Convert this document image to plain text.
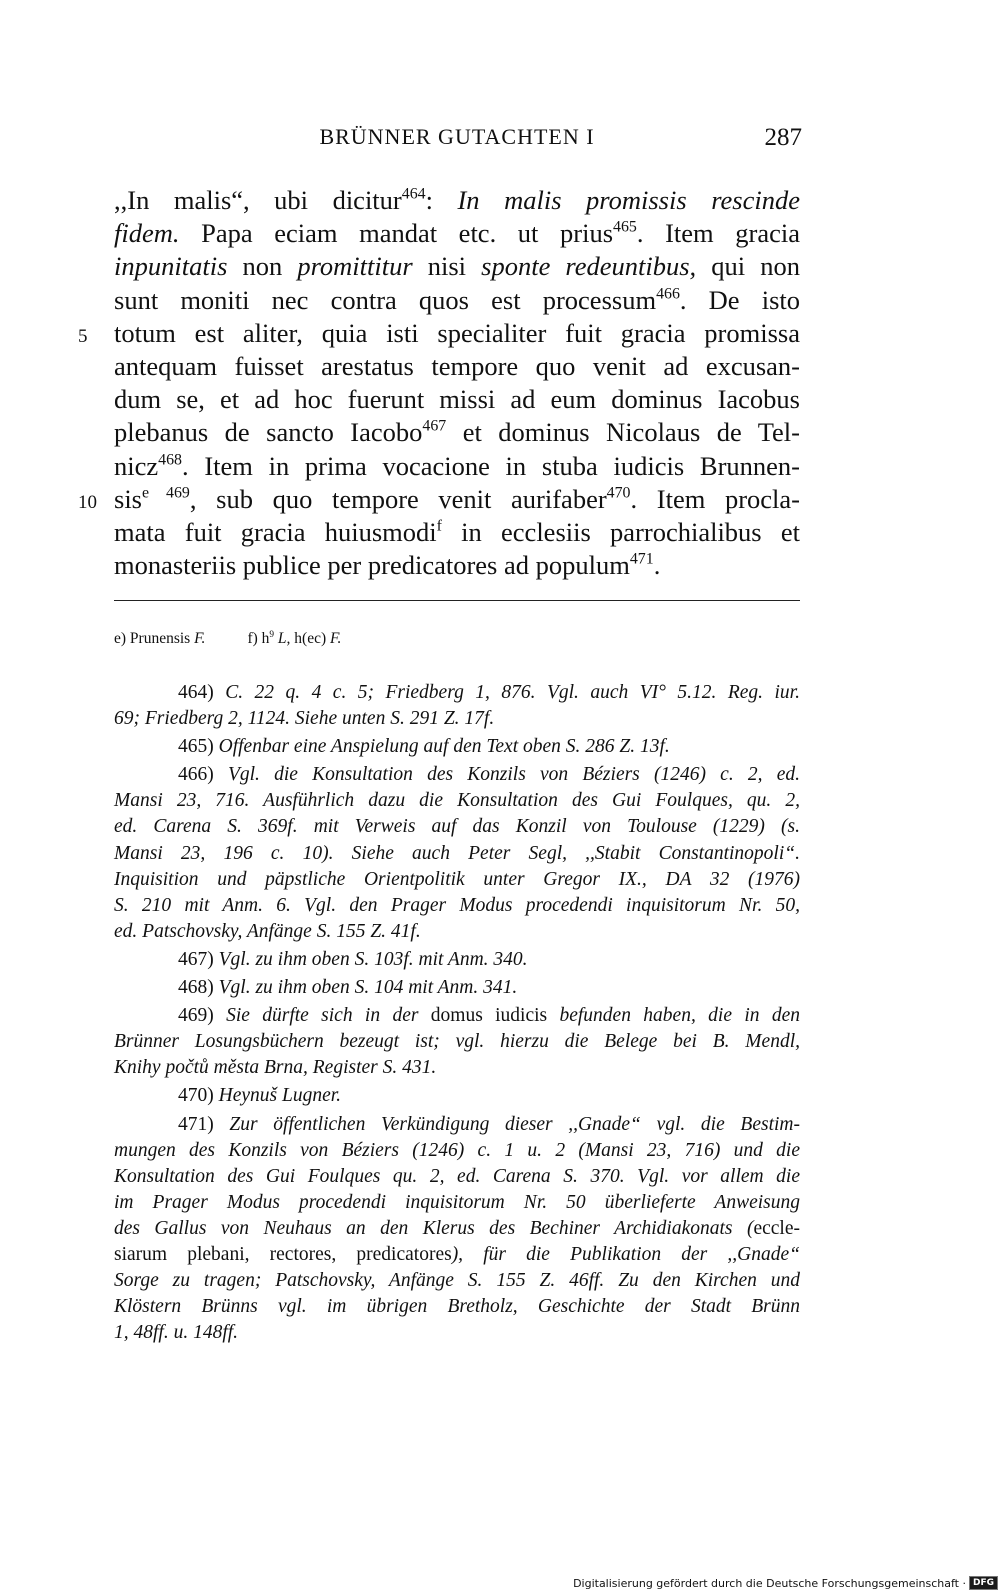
BRÜNNER GUTACHTEN I	287
,,In malis“, ubi dicitur$^{464}$: In malis promissis rescinde
fidem. Papa eciam mandat etc. ut prius$^{465}$. Item gracia
inpunitatis non promittitur nisi sponte redeuntibus, qui non
sunt moniti nec contra quos est processum$^{466}$. De isto
5	totum est aliter, quia isti specialiter fuit gracia promissa
antequam fuisset arestatus tempore quo venit ad excusan-
dum se, et ad hoc fuerunt missi ad eum dominus Iacobus
plebanus de sancto Iacobo$^{467}$ et dominus Nicolaus de Tel-
nicz$^{468}$. Item in prima vocacione in stuba iudicis Brunnen-
10 sis$^{e 469}$, sub quo tempore venit aurifaber$^{470}$. Item procla-
mata fuit gracia huiusmodi$^f$ in ecclesiis parrochialibus et
monasteriis publice per predicatores ad populum$^{471}$.
e) Prunensis F.	f) $h^9$ L, h(ec) F.
464) C. 22 q. 4 c. 5; Friedberg 1, 876. Vgl. auch VI° 5.12. Reg. iur.
69; Friedberg 2, 1124. Siehe unten S. 291 Z. 17f.
465) Offenbar eine Anspielung auf den Text oben S. 286 Z. 13f.
466) Vgl. die Konsultation des Konzils von Béziers (1246) c. 2, ed.
Mansi 23, 716. Ausführlich dazu die Konsultation des Gui Foulques, qu. 2,
ed. Carena S. 369f. mit Verweis auf das Konzil von Toulouse (1229) (s.
Mansi 23, 196 c. 10). Siehe auch Peter Segl, ,,Stabit Constantinopoli“.
Inquisition und päpstliche Orientpolitik unter Gregor IX., DA 32 (1976)
S. 210 mit Anm. 6. Vgl. den Prager Modus procedendi inquisitorum Nr. 50,
ed. Patschovsky, Anfänge S. 155 Z. 41f.
467) Vgl. zu ihm oben S. 103f. mit Anm. 340.
468) Vgl. zu ihm oben S. 104 mit Anm. 341.
469) Sie dürfte sich in der domus iudicis befunden haben, die in den
Brünner Losungsbüchern bezeugt ist; vgl. hierzu die Belege bei B. Mendl,
Knihy počtů města Brna, Register S. 431.
470) Heynuš Lugner.
471) Zur öffentlichen Verkündigung dieser ,,Gnade“ vgl. die Bestim-
mungen des Konzils von Béziers (1246) c. 1 u. 2 (Mansi 23, 716) und die
Konsultation des Gui Foulques qu. 2, ed. Carena S. 370. Vgl. vor allem die
im Prager Modus procedendi inquisitorum Nr. 50 überlieferte Anweisung
des Gallus von Neuhaus an den Klerus des Bechiner Archidiakonats (eccle-
siarum plebani, rectores, predicatores), für die Publikation der ,,Gnade“
Sorge zu tragen; Patschovsky, Anfänge S. 155 Z. 46ff. Zu den Kirchen und
Klöstern Brünns vgl. im übrigen Bretholz, Geschichte der Stadt Brünn
1, 48ff. u. 148ff.
Digitalisierung gefördert durch die Deutsche Forschungsgemeinschaft · DFG
